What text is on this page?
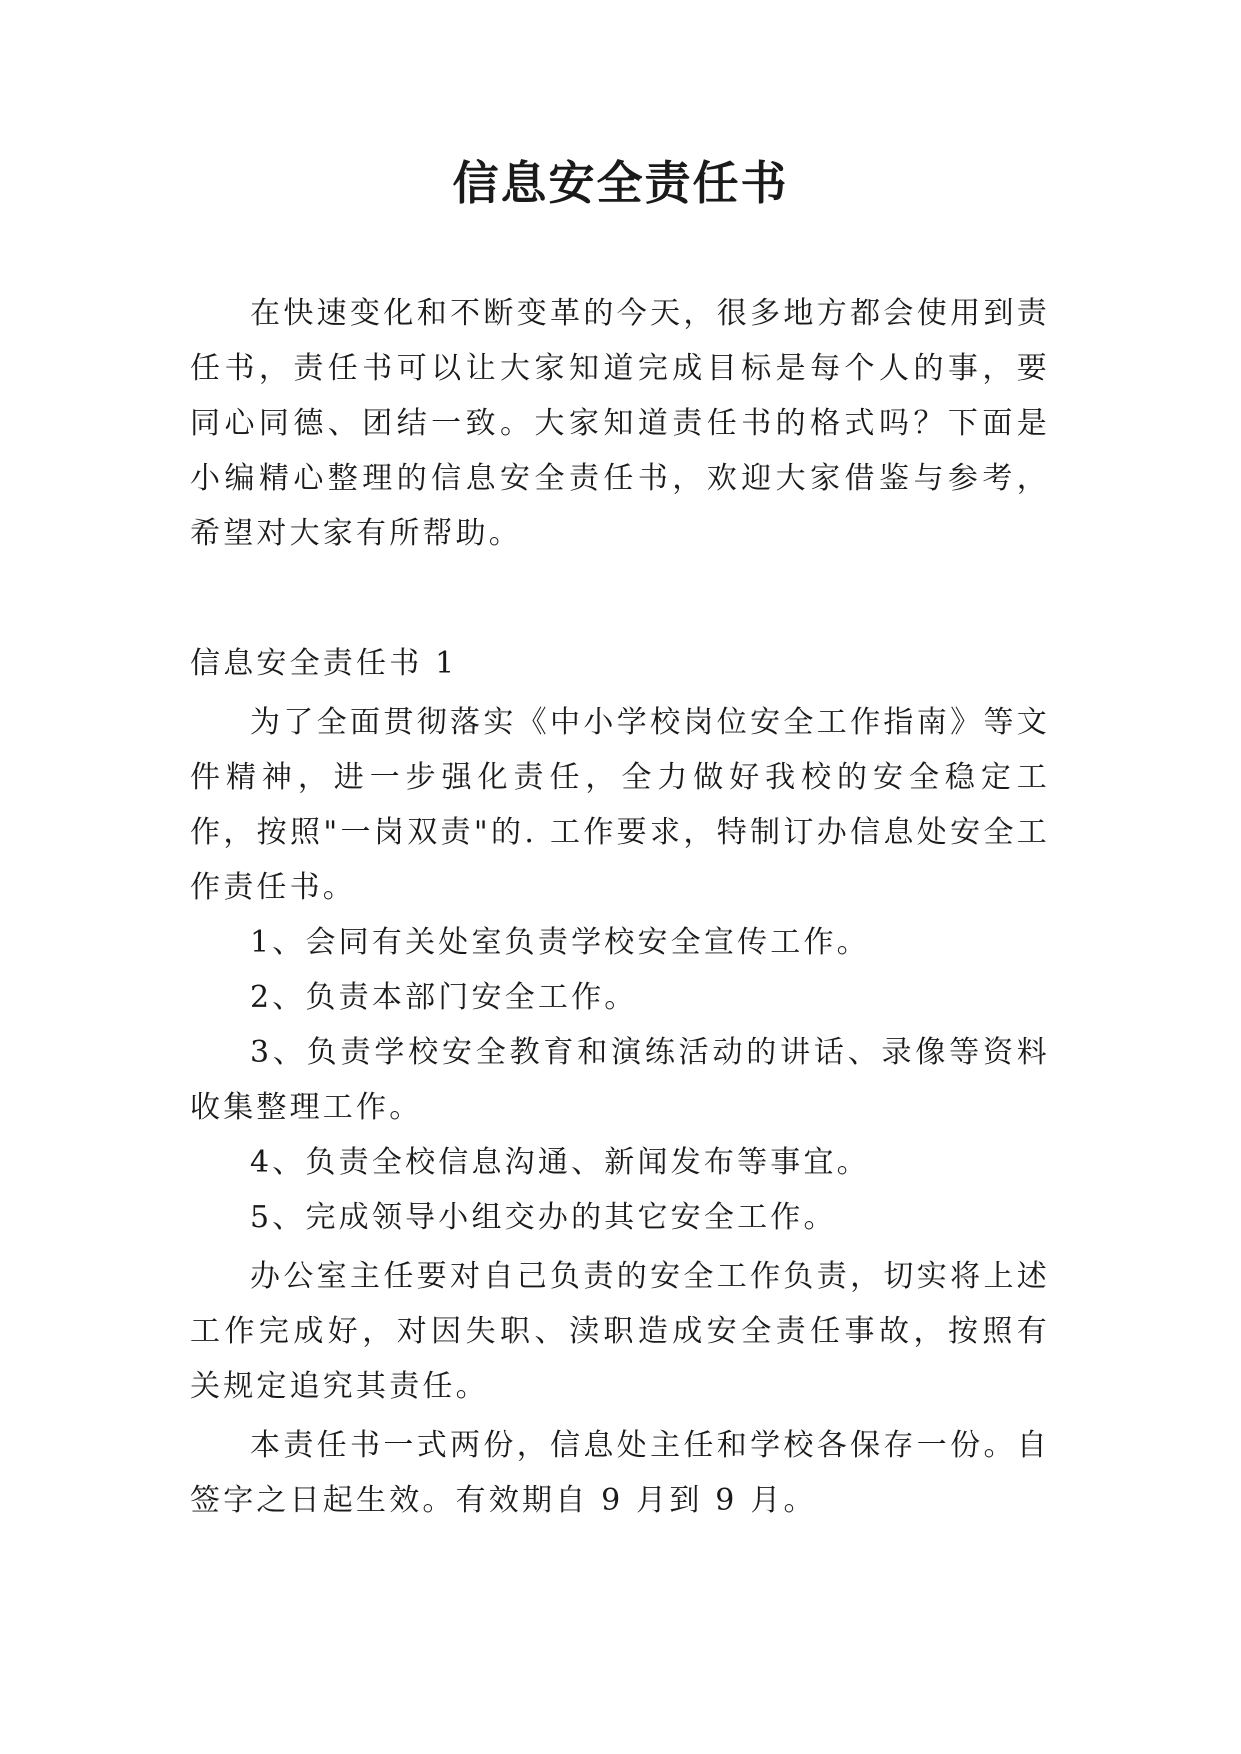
信息安全责任书

在快速变化和不断变革的今天，很多地方都会使用到责任书，责任书可以让大家知道完成目标是每个人的事，要同心同德、团结一致。大家知道责任书的格式吗？下面是小编精心整理的信息安全责任书，欢迎大家借鉴与参考，希望对大家有所帮助。

信息安全责任书 1

为了全面贯彻落实《中小学校岗位安全工作指南》等文件精神，进一步强化责任，全力做好我校的安全稳定工作，按照"一岗双责"的. 工作要求，特制订办信息处安全工作责任书。

1、会同有关处室负责学校安全宣传工作。

2、负责本部门安全工作。

3、负责学校安全教育和演练活动的讲话、录像等资料收集整理工作。

4、负责全校信息沟通、新闻发布等事宜。

5、完成领导小组交办的其它安全工作。

办公室主任要对自己负责的安全工作负责，切实将上述工作完成好，对因失职、渎职造成安全责任事故，按照有关规定追究其责任。

本责任书一式两份，信息处主任和学校各保存一份。自签字之日起生效。有效期自 9 月到 9 月。
